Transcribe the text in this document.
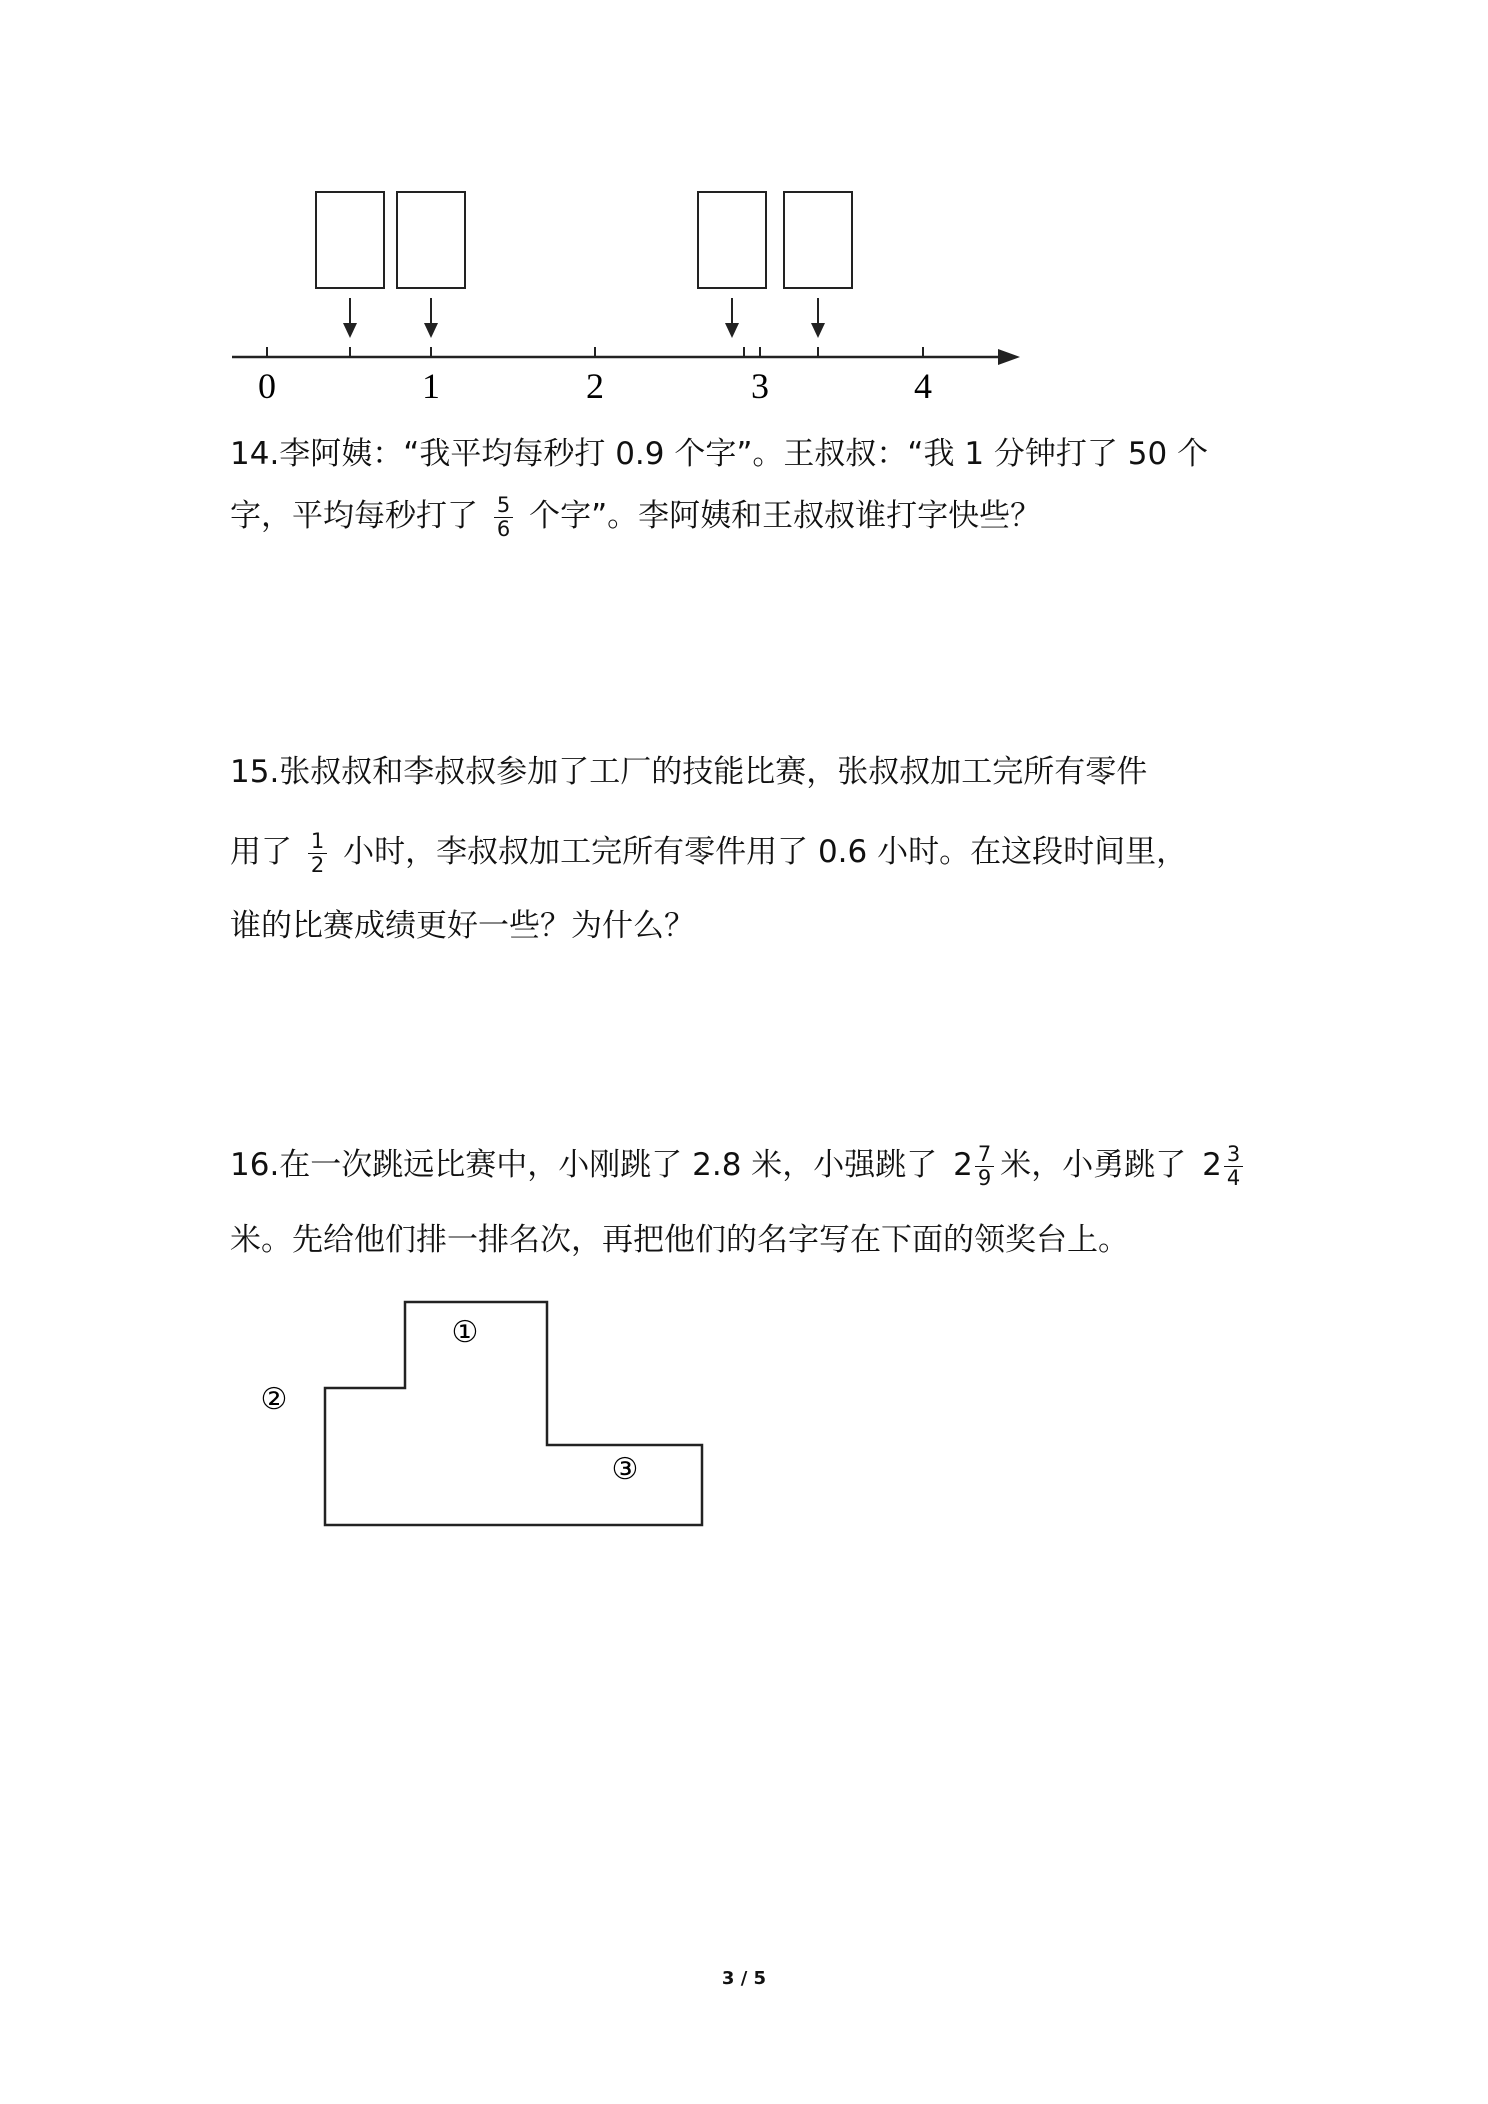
0	1	2	3	4
14.李阿姨：“我平均每秒打 0.9 个字”。王叔叔：“我 1 分钟打了 50 个
字，平均每秒打了 $\frac{5}{6}$ 个字”。李阿姨和王叔叔谁打字快些？
15.张叔叔和李叔叔参加了工厂的技能比赛，张叔叔加工完所有零件
用了 $\frac{1}{2}$ 小时，李叔叔加工完所有零件用了 0.6 小时。在这段时间里，
谁的比赛成绩更好一些？为什么？
16.在一次跳远比赛中，小刚跳了 2.8 米，小强跳了 $2 \frac{7}{9}$ 米，小勇跳了 $2 \frac{3}{4}$
米。先给他们排一排名次，再把他们的名字写在下面的领奖台上。
①
②
③
3 / 5
